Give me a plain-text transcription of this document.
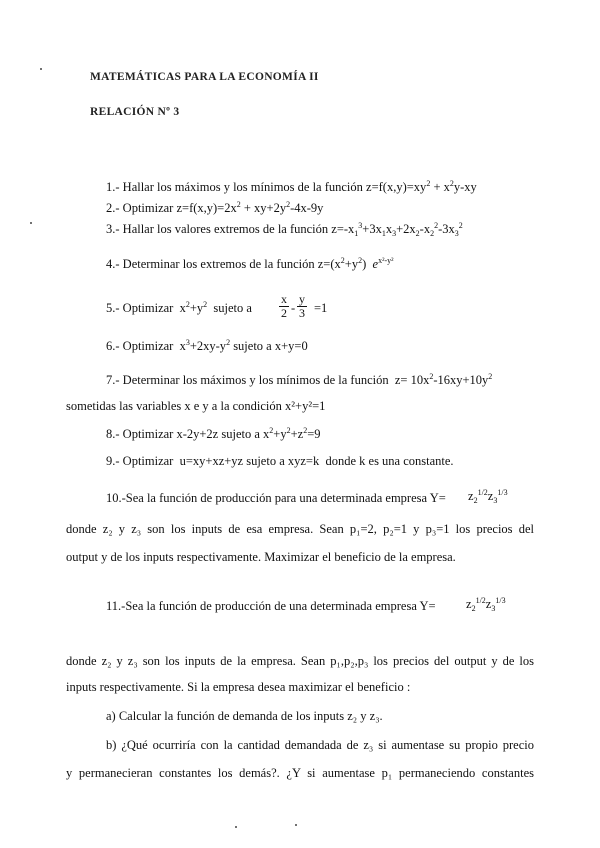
MATEMÁTICAS PARA LA ECONOMÍA II
RELACIÓN Nº 3
1.- Hallar los máximos y los mínimos de la función $z=f(x,y)=xy^2 + x^2y-xy$
2.- Optimizar $z=f(x,y)=2x^2 + xy+2y^2-4x-9y$
3.- Hallar los valores extremos de la función $z=-x_1^3+3x_1x_3+2x_2-x_2^2-3x_3^2$
4.- Determinar los extremos de la función $z=(x^2+y^2)$  $e^{x^2-y^2}$
5.- Optimizar $x^2+y^2$ sujeto a
x
2 -
y
3 =1
6.- Optimizar $x^3+2xy-y^2$ sujeto a x+y=0
7.- Determinar los máximos y los mínimos de la función $z= 10x^2-16xy+10y^2$
sometidas las variables x e y a la condición x²+y²=1
8.- Optimizar x-2y+2z sujeto a $x^2+y^2+z^2=9$
9.- Optimizar u=xy+xz+yz sujeto a xyz=k donde k es una constante.
10.-Sea la función de producción para una determinada empresa $Y= z_2^{1/2}z_3^{1/3}$
donde z₂ y z₃ son los inputs de esa empresa. Sean p₁=2, p₂=1 y p₃=1 los precios del
output y de los inputs respectivamente. Maximizar el beneficio de la empresa.
11.-Sea la función de producción de una determinada empresa $Y= z_2^{1/2}z_3^{1/3}$
donde z₂ y z₃ son los inputs de la empresa. Sean p₁,p₂,p₃ los precios del output y de los
inputs respectivamente. Si la empresa desea maximizar el beneficio :
a) Calcular la función de demanda de los inputs z₂ y z₃.
b) ¿Qué ocurriría con la cantidad demandada de z₃ si aumentase su propio precio
y permanecieran constantes los demás?. ¿Y si aumentase p₁ permaneciendo constantes
